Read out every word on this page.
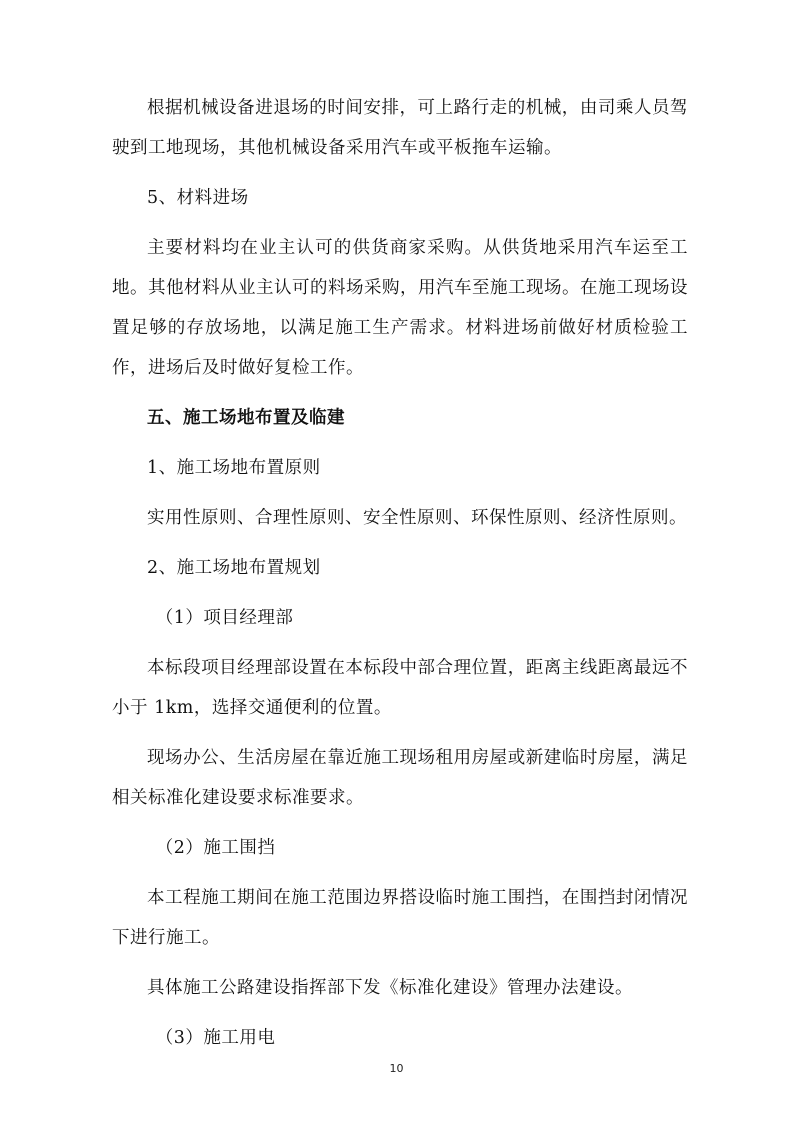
根据机械设备进退场的时间安排，可上路行走的机械，由司乘人员驾驶到工地现场，其他机械设备采用汽车或平板拖车运输。

5、材料进场

主要材料均在业主认可的供货商家采购。从供货地采用汽车运至工地。其他材料从业主认可的料场采购，用汽车至施工现场。在施工现场设置足够的存放场地，以满足施工生产需求。材料进场前做好材质检验工作，进场后及时做好复检工作。

五、施工场地布置及临建

1、施工场地布置原则

实用性原则、合理性原则、安全性原则、环保性原则、经济性原则。

2、施工场地布置规划

（1）项目经理部

本标段项目经理部设置在本标段中部合理位置，距离主线距离最远不小于 1km，选择交通便利的位置。

现场办公、生活房屋在靠近施工现场租用房屋或新建临时房屋，满足相关标准化建设要求标准要求。

（2）施工围挡

本工程施工期间在施工范围边界搭设临时施工围挡，在围挡封闭情况下进行施工。

具体施工公路建设指挥部下发《标准化建设》管理办法建设。

（3）施工用电

10
